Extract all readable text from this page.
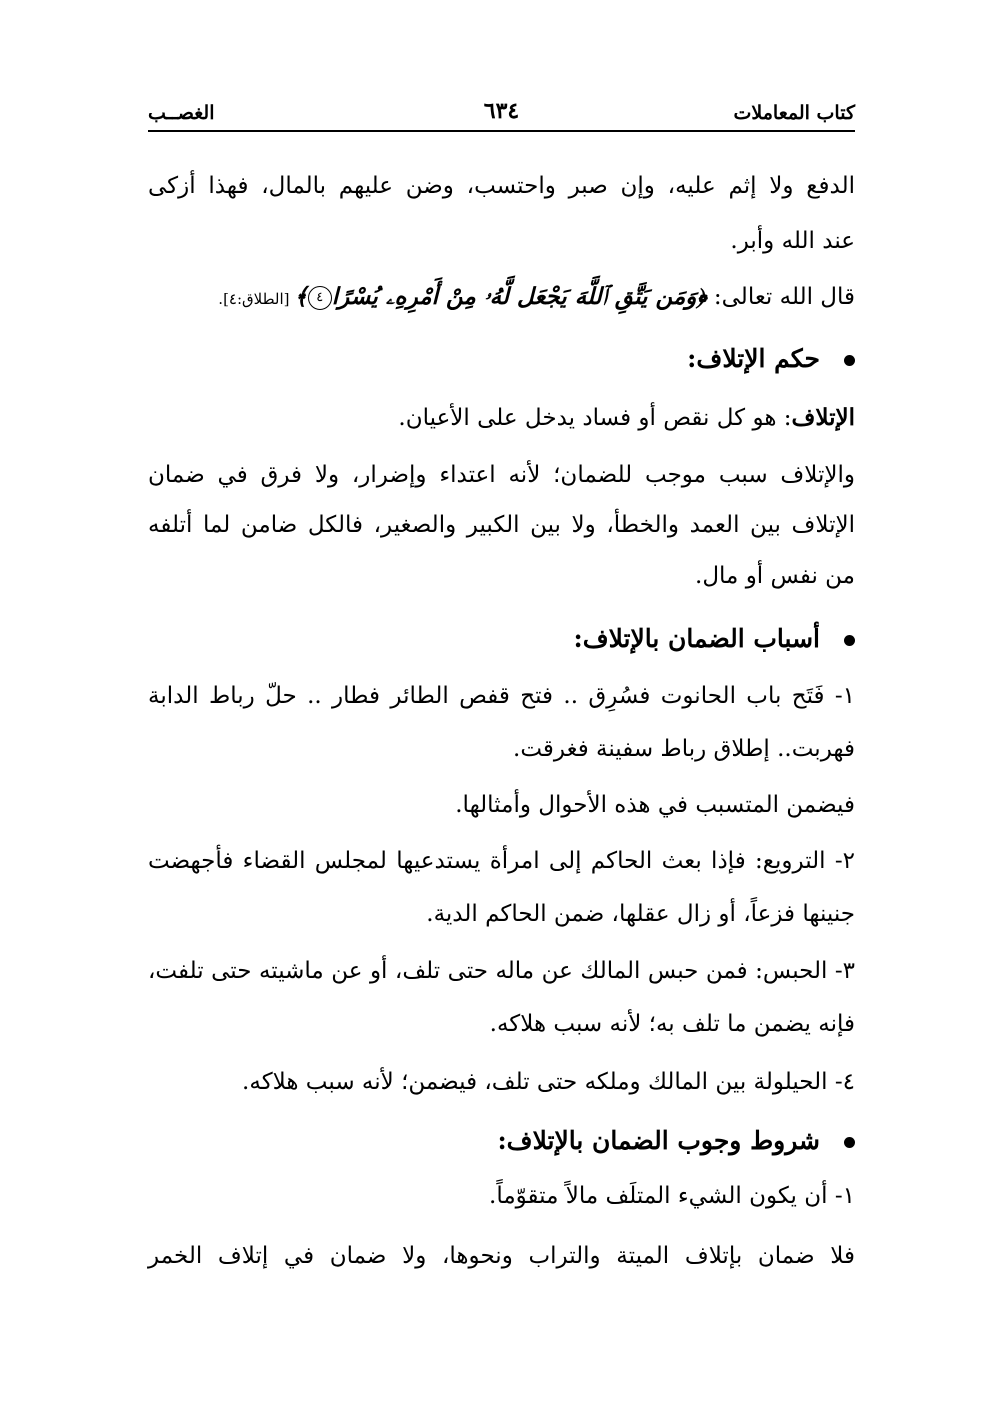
كتاب المعاملات
٦٣٤
الغصــب
الدفع ولا إثم عليه، وإن صبر واحتسب، وضن عليهم بالمال، فهذا أزكى
عند الله وأبر.
قال الله تعالى: ﴿وَمَن يَتَّقِ ٱللَّهَ يَجْعَل لَّهُۥ مِنْ أَمْرِهِۦ يُسْرًا٤﴾ [الطلاق:٤].
حكم الإتلاف:
الإتلاف: هو كل نقص أو فساد يدخل على الأعيان.
والإتلاف سبب موجب للضمان؛ لأنه اعتداء وإضرار، ولا فرق في ضمان
الإتلاف بين العمد والخطأ، ولا بين الكبير والصغير، فالكل ضامن لما أتلفه
من نفس أو مال.
أسباب الضمان بالإتلاف:
١- فَتَح باب الحانوت فسُرِق .. فتح قفص الطائر فطار .. حلّ رباط الدابة
فهربت.. إطلاق رباط سفينة فغرقت.
فيضمن المتسبب في هذه الأحوال وأمثالها.
٢- الترويع: فإذا بعث الحاكم إلى امرأة يستدعيها لمجلس القضاء فأجهضت
جنينها فزعاً، أو زال عقلها، ضمن الحاكم الدية.
٣- الحبس: فمن حبس المالك عن ماله حتى تلف، أو عن ماشيته حتى تلفت،
فإنه يضمن ما تلف به؛ لأنه سبب هلاكه.
٤- الحيلولة بين المالك وملكه حتى تلف، فيضمن؛ لأنه سبب هلاكه.
شروط وجوب الضمان بالإتلاف:
١- أن يكون الشيء المتلَف مالاً متقوّماً.
فلا ضمان بإتلاف الميتة والتراب ونحوها، ولا ضمان في إتلاف الخمر
